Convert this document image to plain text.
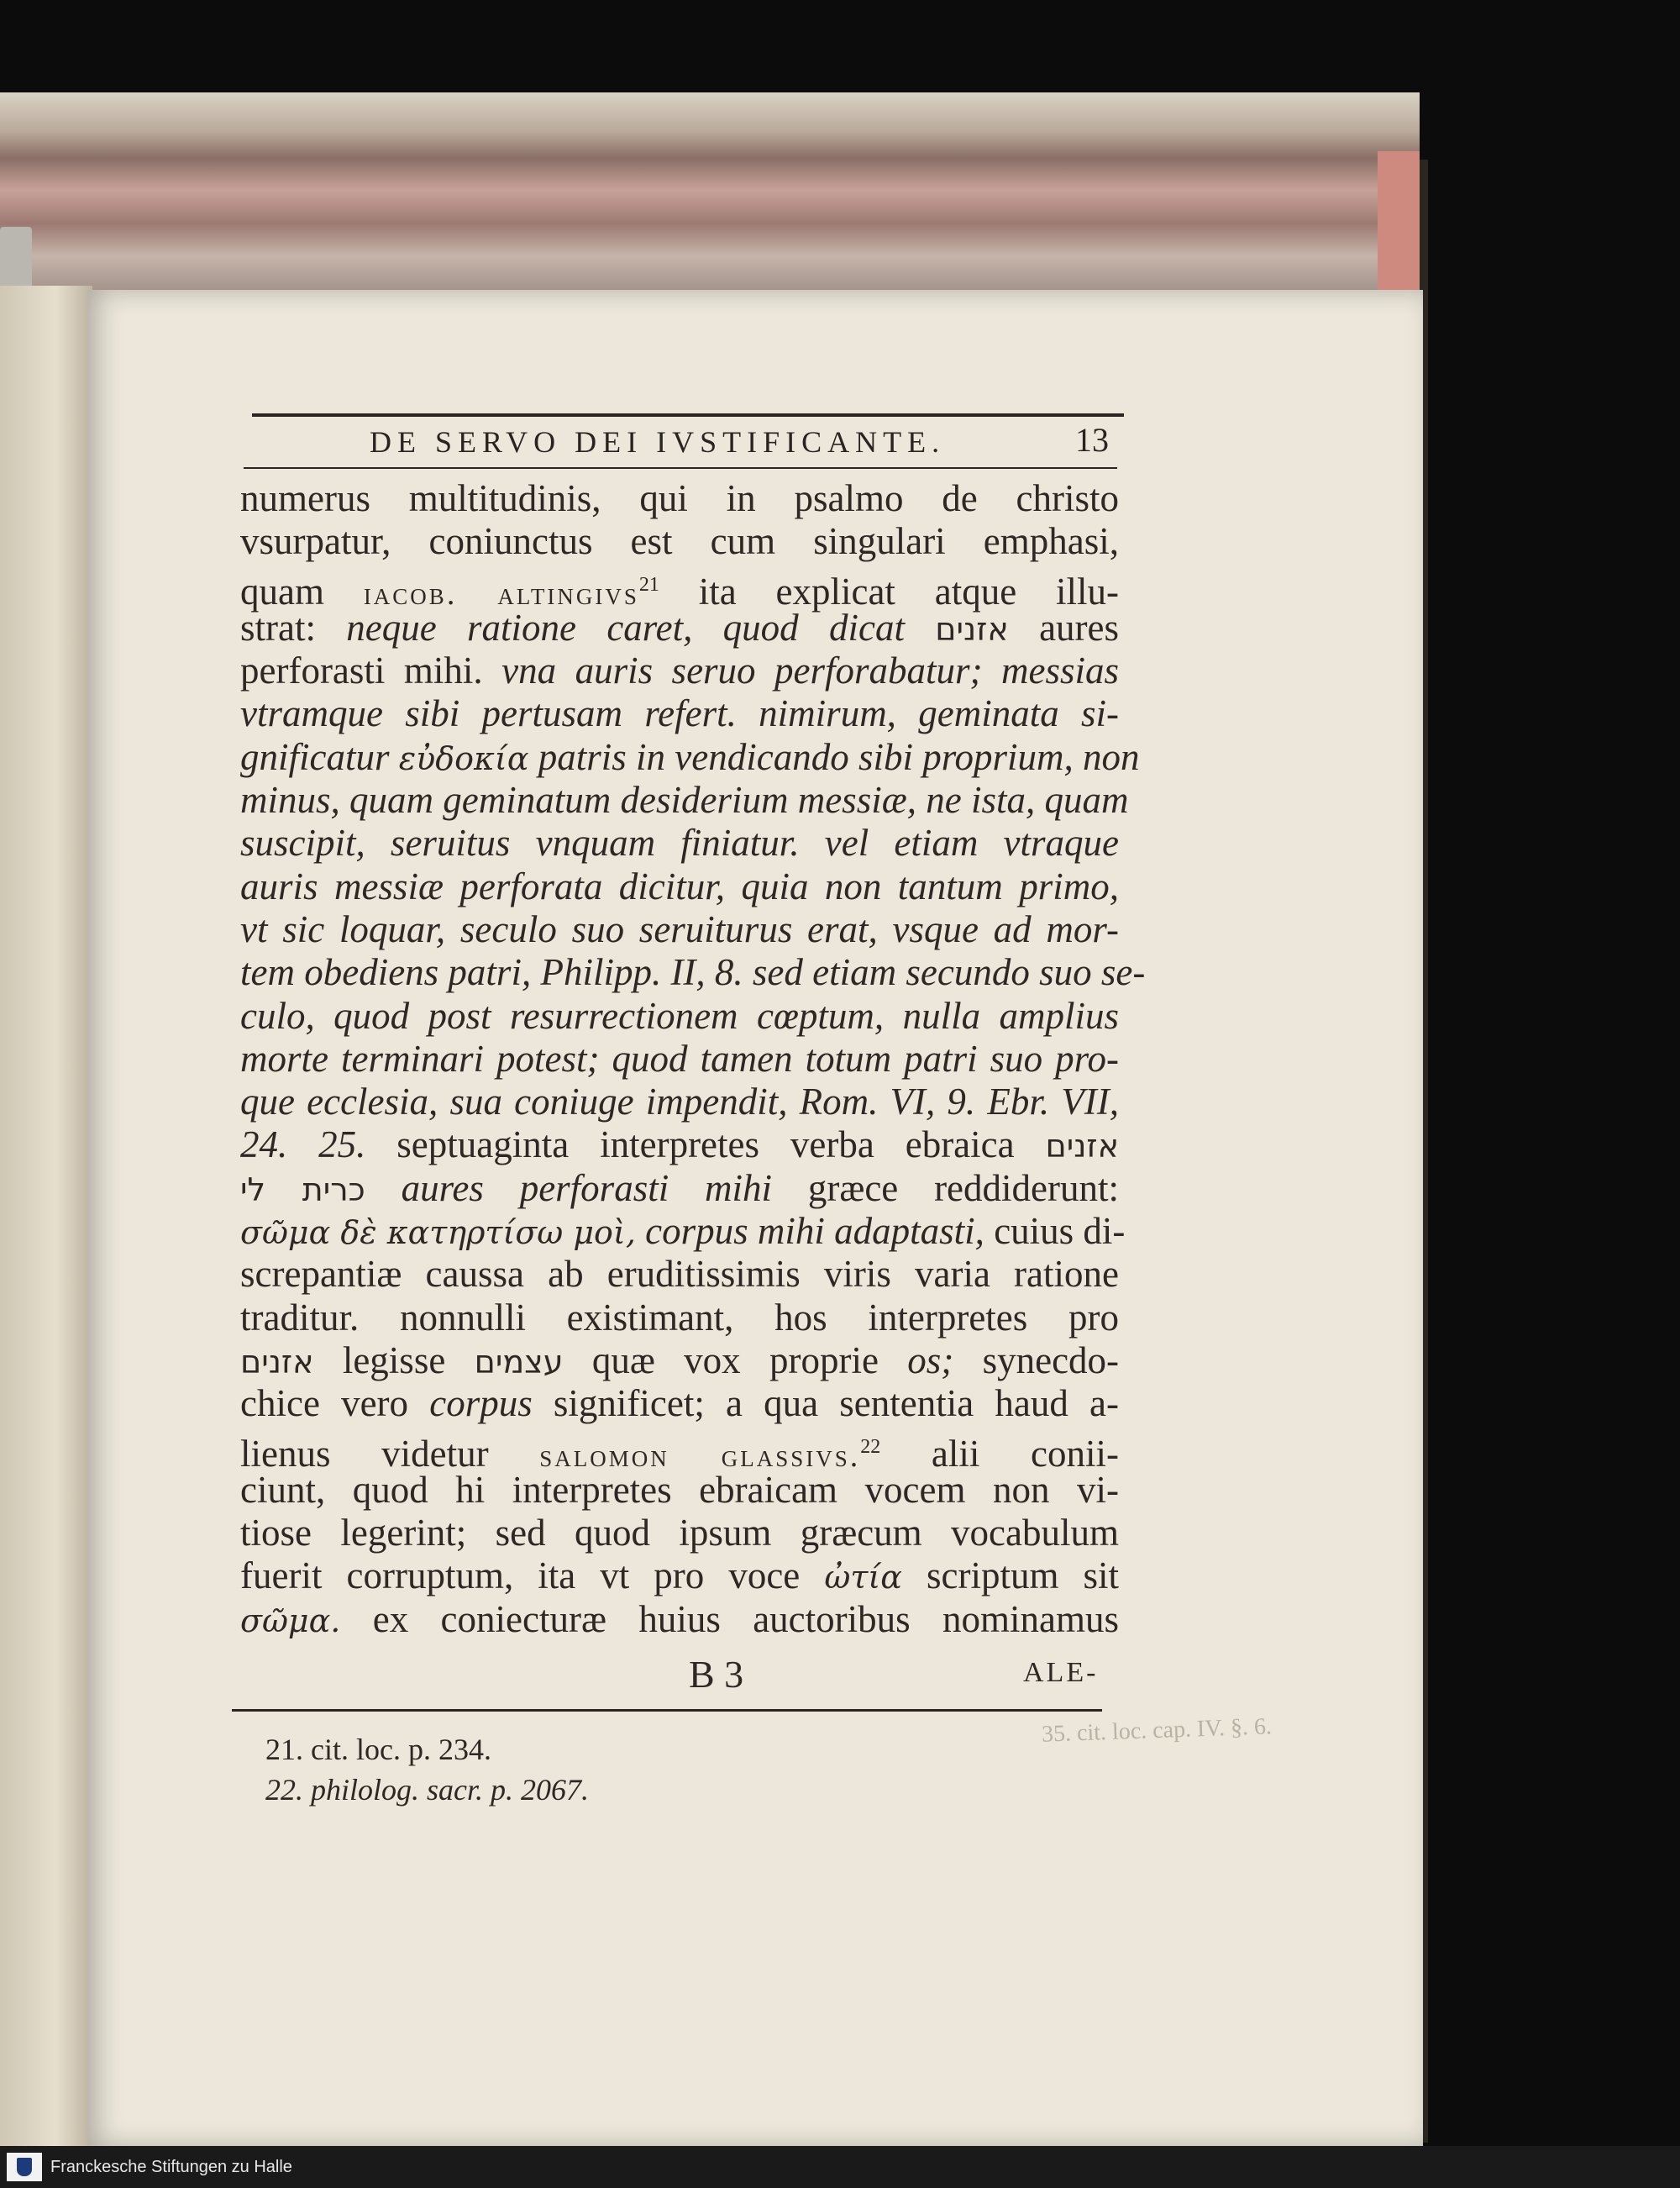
DE SERVO DEI IVSTIFICANTE.	13
numerus multitudinis, qui in psalmo de christo
vsurpatur, coniunctus est cum singulari emphasi,
quam iacob. altingivs$^{21}$ ita explicat atque illu-
strat: neque ratione caret, quod dicat אזנים aures
perforasti mihi. vna auris seruo perforabatur; messias
vtramque sibi pertusam refert. nimirum, geminata si-
gnificatur εὐδοκία patris in vendicando sibi proprium, non
minus, quam geminatum desiderium messiæ, ne ista, quam
suscipit, seruitus vnquam finiatur. vel etiam vtraque
auris messiæ perforata dicitur, quia non tantum primo,
vt sic loquar, seculo suo seruiturus erat, vsque ad mor-
tem obediens patri, Philipp. II, 8. sed etiam secundo suo se-
culo, quod post resurrectionem cœptum, nulla amplius
morte terminari potest; quod tamen totum patri suo pro-
que ecclesia, sua coniuge impendit, Rom. VI, 9. Ebr. VII,
24. 25. septuaginta interpretes verba ebraica אזנים
כרית לי aures perforasti mihi græce reddiderunt:
σῶμα δὲ κατηρτίσω μοὶ, corpus mihi adaptasti, cuius di-
screpantiæ caussa ab eruditissimis viris varia ratione
traditur. nonnulli existimant, hos interpretes pro
אזנים legisse עצמים quæ vox proprie os; synecdo-
chice vero corpus significet; a qua sententia haud a-
lienus videtur salomon glassivs.$^{22}$ alii conii-
ciunt, quod hi interpretes ebraicam vocem non vi-
tiose legerint; sed quod ipsum græcum vocabulum
fuerit corruptum, ita vt pro voce ὠτία scriptum sit
σῶμα. ex coniecturæ huius auctoribus nominamus
B 3	ALE-
35. cit. loc. cap. IV. §. 6.
21. cit. loc. p. 234.
22. philolog. sacr. p. 2067.
Franckesche Stiftungen zu Halle
